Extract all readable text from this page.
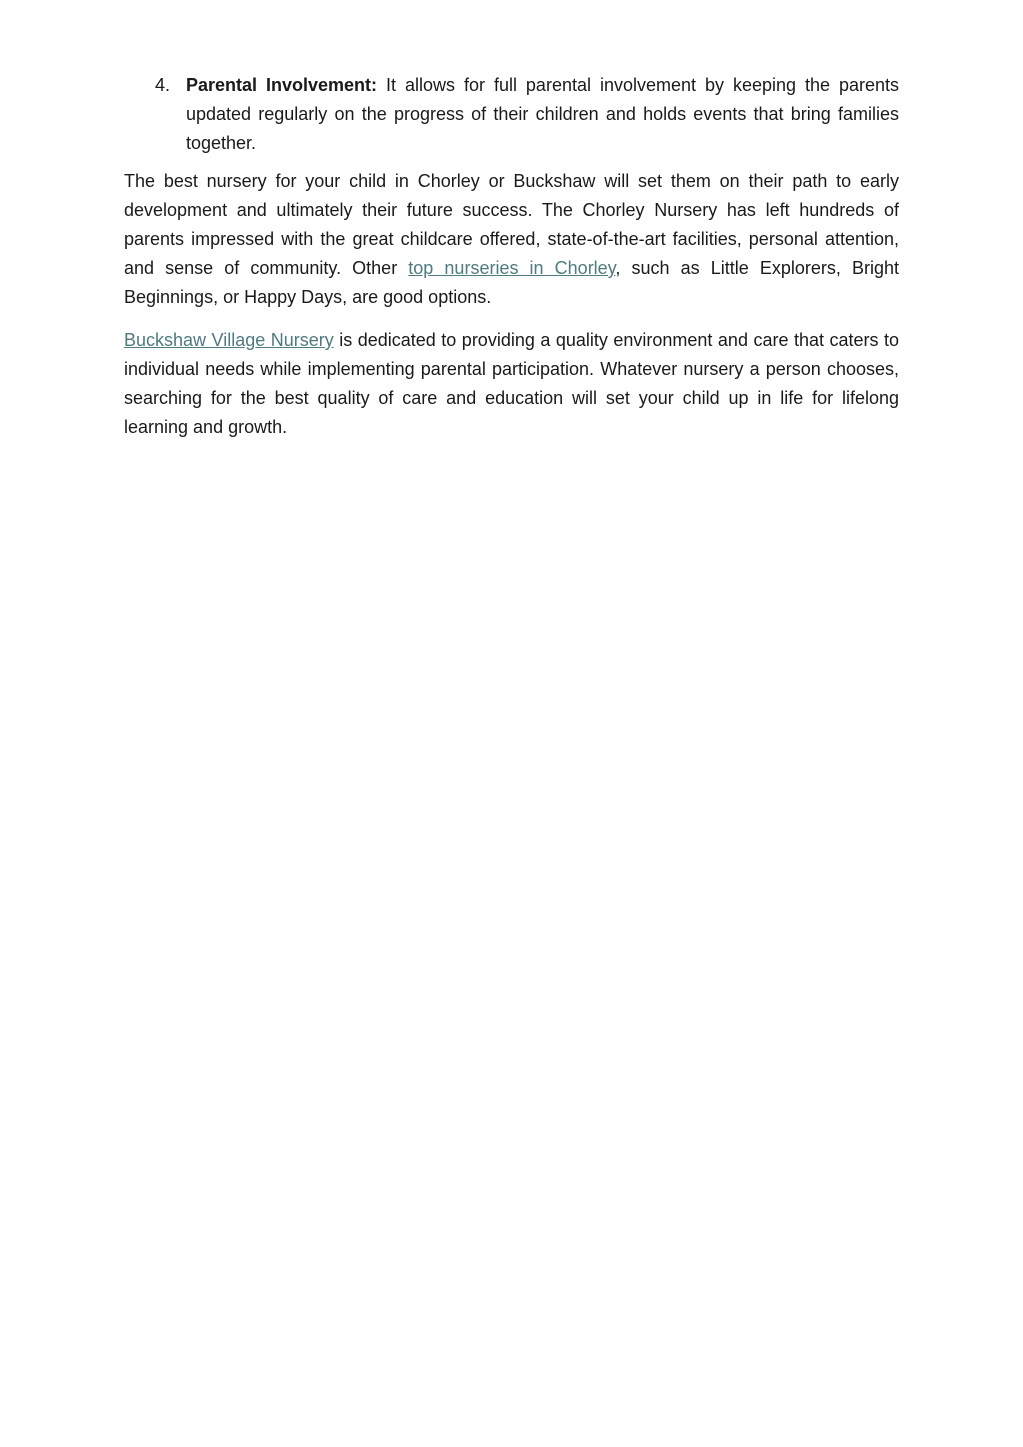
4. Parental Involvement: It allows for full parental involvement by keeping the parents updated regularly on the progress of their children and holds events that bring families together.

The best nursery for your child in Chorley or Buckshaw will set them on their path to early development and ultimately their future success. The Chorley Nursery has left hundreds of parents impressed with the great childcare offered, state-of-the-art facilities, personal attention, and sense of community. Other top nurseries in Chorley, such as Little Explorers, Bright Beginnings, or Happy Days, are good options.

Buckshaw Village Nursery is dedicated to providing a quality environment and care that caters to individual needs while implementing parental participation. Whatever nursery a person chooses, searching for the best quality of care and education will set your child up in life for lifelong learning and growth.
